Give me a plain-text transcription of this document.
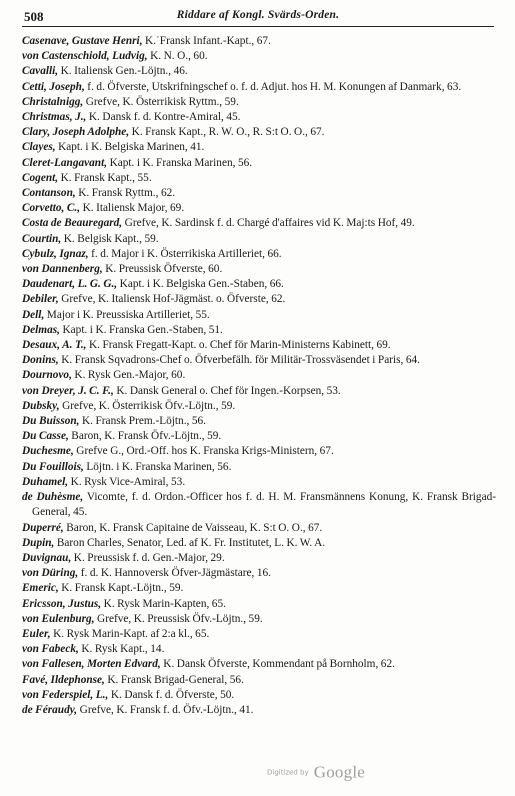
508	Riddare af Kongl. Svärds-Orden.
Casenave, Gustave Henri, K.˙Fransk Infant.-Kapt., 67.
von Castenschiold, Ludvig, K. N. O., 60.
Cavalli, K. Italiensk Gen.-Löjtn., 46.
Cetti, Joseph, f. d. Öfverste, Utskrifningschef o. f. d. Adjut. hos H. M. Konungen af Danmark, 63.
Christalnigg, Grefve, K. Österrikisk Ryttm., 59.
Christmas, J., K. Dansk f. d. Kontre-Amiral, 45.
Clary, Joseph Adolphe, K. Fransk Kapt., R. W. O., R. S:t O. O., 67.
Clayes, Kapt. i K. Belgiska Marinen, 41.
Cleret-Langavant, Kapt. i K. Franska Marinen, 56.
Cogent, K. Fransk Kapt., 55.
Contanson, K. Fransk Ryttm., 62.
Corvetto, C., K. Italiensk Major, 69.
Costa de Beauregard, Grefve, K. Sardinsk f. d. Chargé d'affaires vid K. Maj:ts Hof, 49.
Courtin, K. Belgisk Kapt., 59.
Cybulz, Ignaz, f. d. Major i K. Österrikiska Artilleriet, 66.
von Dannenberg, K. Preussisk Öfverste, 60.
Daudenart, L. G. G., Kapt. i K. Belgiska Gen.-Staben, 66.
Debiler, Grefve, K. Italiensk Hof-Jägmäst. o. Öfverste, 62.
Dell, Major i K. Preussiska Artilleriet, 55.
Delmas, Kapt. i K. Franska Gen.-Staben, 51.
Desaux, A. T., K. Fransk Fregatt-Kapt. o. Chef för Marin-Ministerns Kabinett, 69.
Donins, K. Fransk Sqvadrons-Chef o. Öfverbefälh. för Militär-Trossväsendet i Paris, 64.
Dournovo, K. Rysk Gen.-Major, 60.
von Dreyer, J. C. F., K. Dansk General o. Chef för Ingen.-Korpsen, 53.
Dubsky, Grefve, K. Österrikisk Öfv.-Löjtn., 59.
Du Buisson, K. Fransk Prem.-Löjtn., 56.
Du Casse, Baron, K. Fransk Öfv.-Löjtn., 59.
Duchesme, Grefve G., Ord.-Off. hos K. Franska Krigs-Ministern, 67.
Du Fouillois, Löjtn. i K. Franska Marinen, 56.
Duhamel, K. Rysk Vice-Amiral, 53.
de Duhèsme, Vicomte, f. d. Ordon.-Officer hos f. d. H. M. Fransmännens Konung, K. Fransk Brigad-General, 45.
Duperré, Baron, K. Fransk Capitaine de Vaisseau, K. S:t O. O., 67.
Dupin, Baron Charles, Senator, Led. af K. Fr. Institutet, L. K. W. A.
Duvignau, K. Preussisk f. d. Gen.-Major, 29.
von Düring, f. d. K. Hannoversk Öfver-Jägmästare, 16.
Emeric, K. Fransk Kapt.-Löjtn., 59.
Ericsson, Justus, K. Rysk Marin-Kapten, 65.
von Eulenburg, Grefve, K. Preussisk Öfv.-Löjtn., 59.
Euler, K. Rysk Marin-Kapt. af 2:a kl., 65.
von Fabeck, K. Rysk Kapt., 14.
von Fallesen, Morten Edvard, K. Dansk Öfverste, Kommendant på Bornholm, 62.
Favé, Ildephonse, K. Fransk Brigad-General, 56.
von Federspiel, L., K. Dansk f. d. Öfverste, 50.
de Féraudy, Grefve, K. Fransk f. d. Öfv.-Löjtn., 41.
Digitized by Google
